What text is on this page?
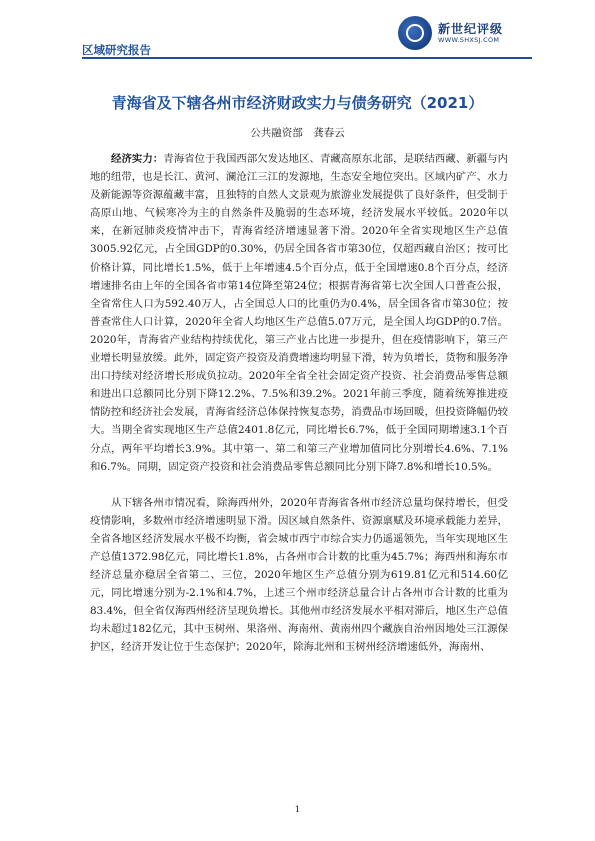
区域研究报告
新世纪评级
WWW.SHXSJ.COM
青海省及下辖各州市经济财政实力与债务研究（2021）
公共融资部　龚春云

经济实力：青海省位于我国西部欠发达地区、青藏高原东北部，是联结西藏、新疆与内地的纽带，也是长江、黄河、澜沧江三江的发源地，生态安全地位突出。区域内矿产、水力及新能源等资源蕴藏丰富，且独特的自然人文景观为旅游业发展提供了良好条件，但受制于高原山地、气候寒冷为主的自然条件及脆弱的生态环境，经济发展水平较低。2020年以来，在新冠肺炎疫情冲击下，青海省经济增速显著下滑。2020年全省实现地区生产总值3005.92亿元，占全国GDP的0.30%，仍居全国各省市第30位，仅超西藏自治区；按可比价格计算，同比增长1.5%，低于上年增速4.5个百分点，低于全国增速0.8个百分点，经济增速排名由上年的全国各省市第14位降至第24位；根据青海省第七次全国人口普查公报，全省常住人口为592.40万人，占全国总人口的比重仍为0.4%，居全国各省市第30位；按普查常住人口计算，2020年全省人均地区生产总值5.07万元，是全国人均GDP的0.7倍。2020年，青海省产业结构持续优化，第三产业占比进一步提升，但在疫情影响下，第三产业增长明显放缓。此外，固定资产投资及消费增速均明显下滑，转为负增长，货物和服务净出口持续对经济增长形成负拉动。2020年全省全社会固定资产投资、社会消费品零售总额和进出口总额同比分别下降12.2%、7.5%和39.2%。2021年前三季度，随着统筹推进疫情防控和经济社会发展，青海省经济总体保持恢复态势，消费品市场回暖，但投资降幅仍较大。当期全省实现地区生产总值2401.8亿元，同比增长6.7%，低于全国同期增速3.1个百分点，两年平均增长3.9%。其中第一、第二和第三产业增加值同比分别增长4.6%、7.1%和6.7%。同期，固定资产投资和社会消费品零售总额同比分别下降7.8%和增长10.5%。

从下辖各州市情况看，除海西州外，2020年青海省各州市经济总量均保持增长，但受疫情影响，多数州市经济增速明显下滑。因区域自然条件、资源禀赋及环境承载能力差异，全省各地区经济发展水平极不均衡，省会城市西宁市综合实力仍遥遥领先，当年实现地区生产总值1372.98亿元，同比增长1.8%，占各州市合计数的比重为45.7%；海西州和海东市经济总量亦稳居全省第二、三位，2020年地区生产总值分别为619.81亿元和514.60亿元，同比增速分别为-2.1%和4.7%，上述三个州市经济总量合计占各州市合计数的比重为83.4%，但全省仅海西州经济呈现负增长。其他州市经济发展水平相对滞后，地区生产总值均未超过182亿元，其中玉树州、果洛州、海南州、黄南州四个藏族自治州因地处三江源保护区，经济开发让位于生态保护；2020年，除海北州和玉树州经济增速低外，海南州、

1
